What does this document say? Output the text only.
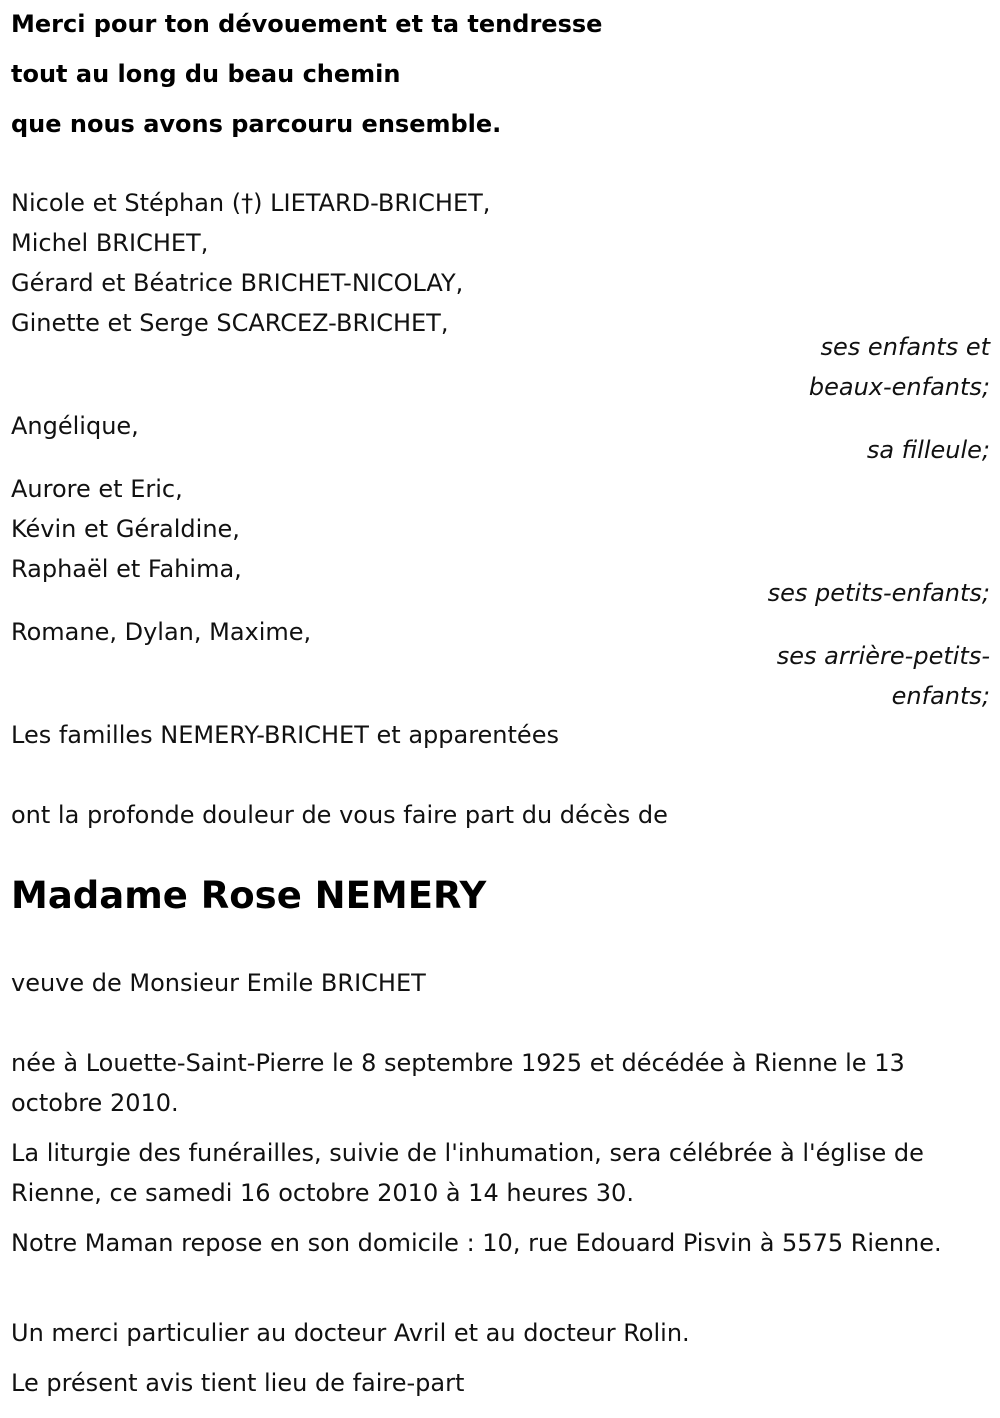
Merci pour ton dévouement et ta tendresse
tout au long du beau chemin
que nous avons parcouru ensemble.
Nicole et Stéphan (†) LIETARD-BRICHET,
Michel BRICHET,
Gérard et Béatrice BRICHET-NICOLAY,
Ginette et Serge SCARCEZ-BRICHET,
ses enfants et
beaux-enfants;
Angélique,
sa filleule;
Aurore et Eric,
Kévin et Géraldine,
Raphaël et Fahima,
ses petits-enfants;
Romane, Dylan, Maxime,
ses arrière-petits-
enfants;
Les familles NEMERY-BRICHET et apparentées
ont la profonde douleur de vous faire part du décès de
Madame Rose NEMERY
veuve de Monsieur Emile BRICHET
née à Louette-Saint-Pierre le 8 septembre 1925 et décédée à Rienne le 13 octobre 2010.
La liturgie des funérailles, suivie de l'inhumation, sera célébrée à l'église de Rienne, ce samedi 16 octobre 2010 à 14 heures 30.
Notre Maman repose en son domicile : 10, rue Edouard Pisvin à 5575 Rienne.
Un merci particulier au docteur Avril et au docteur Rolin.
Le présent avis tient lieu de faire-part
